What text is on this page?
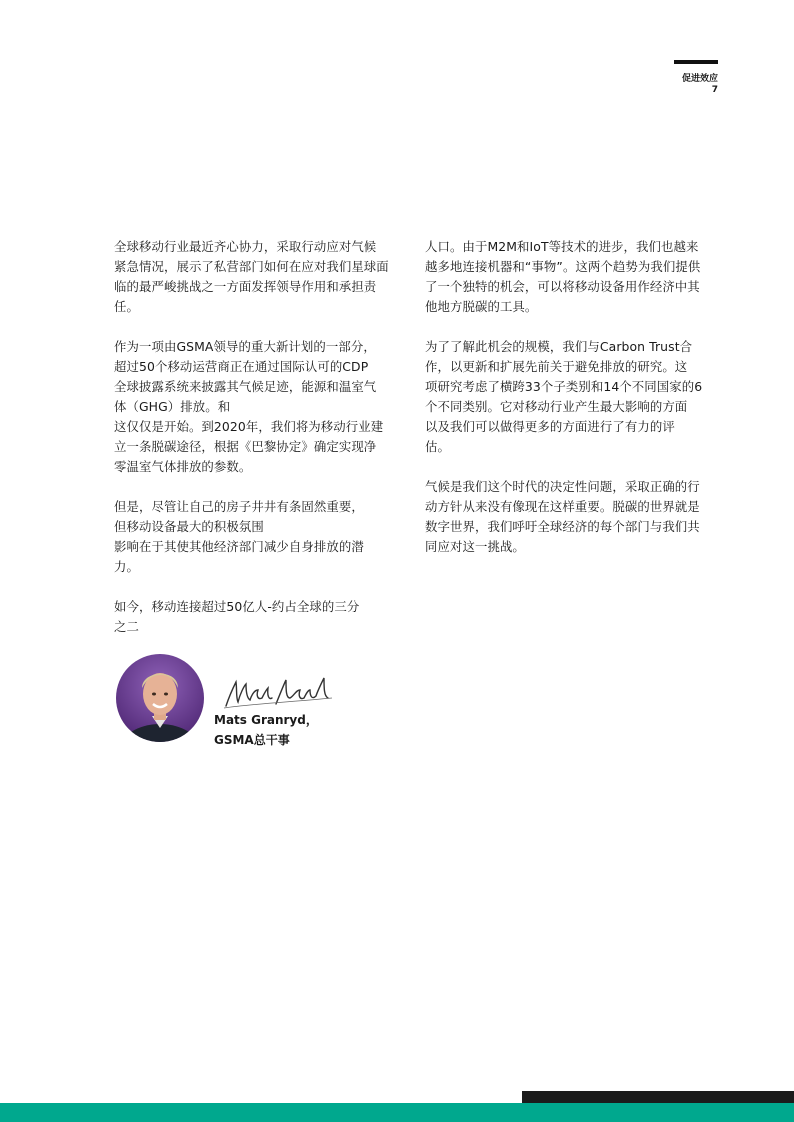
促进效应
7

全球移动行业最近齐心协力，采取行动应对气候
紧急情况，展示了私营部门如何在应对我们星球面
临的最严峻挑战之一方面发挥领导作用和承担责
任。

作为一项由GSMA领导的重大新计划的一部分，
超过50个移动运营商正在通过国际认可的CDP
全球披露系统来披露其气候足迹，能源和温室气
体（GHG）排放。和
这仅仅是开始。到2020年，我们将为移动行业建
立一条脱碳途径，根据《巴黎协定》确定实现净
零温室气体排放的参数。

但是，尽管让自己的房子井井有条固然重要，
但移动设备最大的积极氛围
影响在于其使其他经济部门减少自身排放的潜
力。

如今，移动连接超过50亿人-约占全球的三分
之二

人口。由于M2M和IoT等技术的进步，我们也越来
越多地连接机器和“事物”。这两个趋势为我们提供
了一个独特的机会，可以将移动设备用作经济中其
他地方脱碳的工具。

为了了解此机会的规模，我们与Carbon Trust合
作，以更新和扩展先前关于避免排放的研究。这
项研究考虑了横跨33个子类别和14个不同国家的6
个不同类别。它对移动行业产生最大影响的方面
以及我们可以做得更多的方面进行了有力的评
估。

气候是我们这个时代的决定性问题，采取正确的行
动方针从来没有像现在这样重要。脱碳的世界就是
数字世界，我们呼吁全球经济的每个部门与我们共
同应对这一挑战。

Mats Granryd，
GSMA总干事
